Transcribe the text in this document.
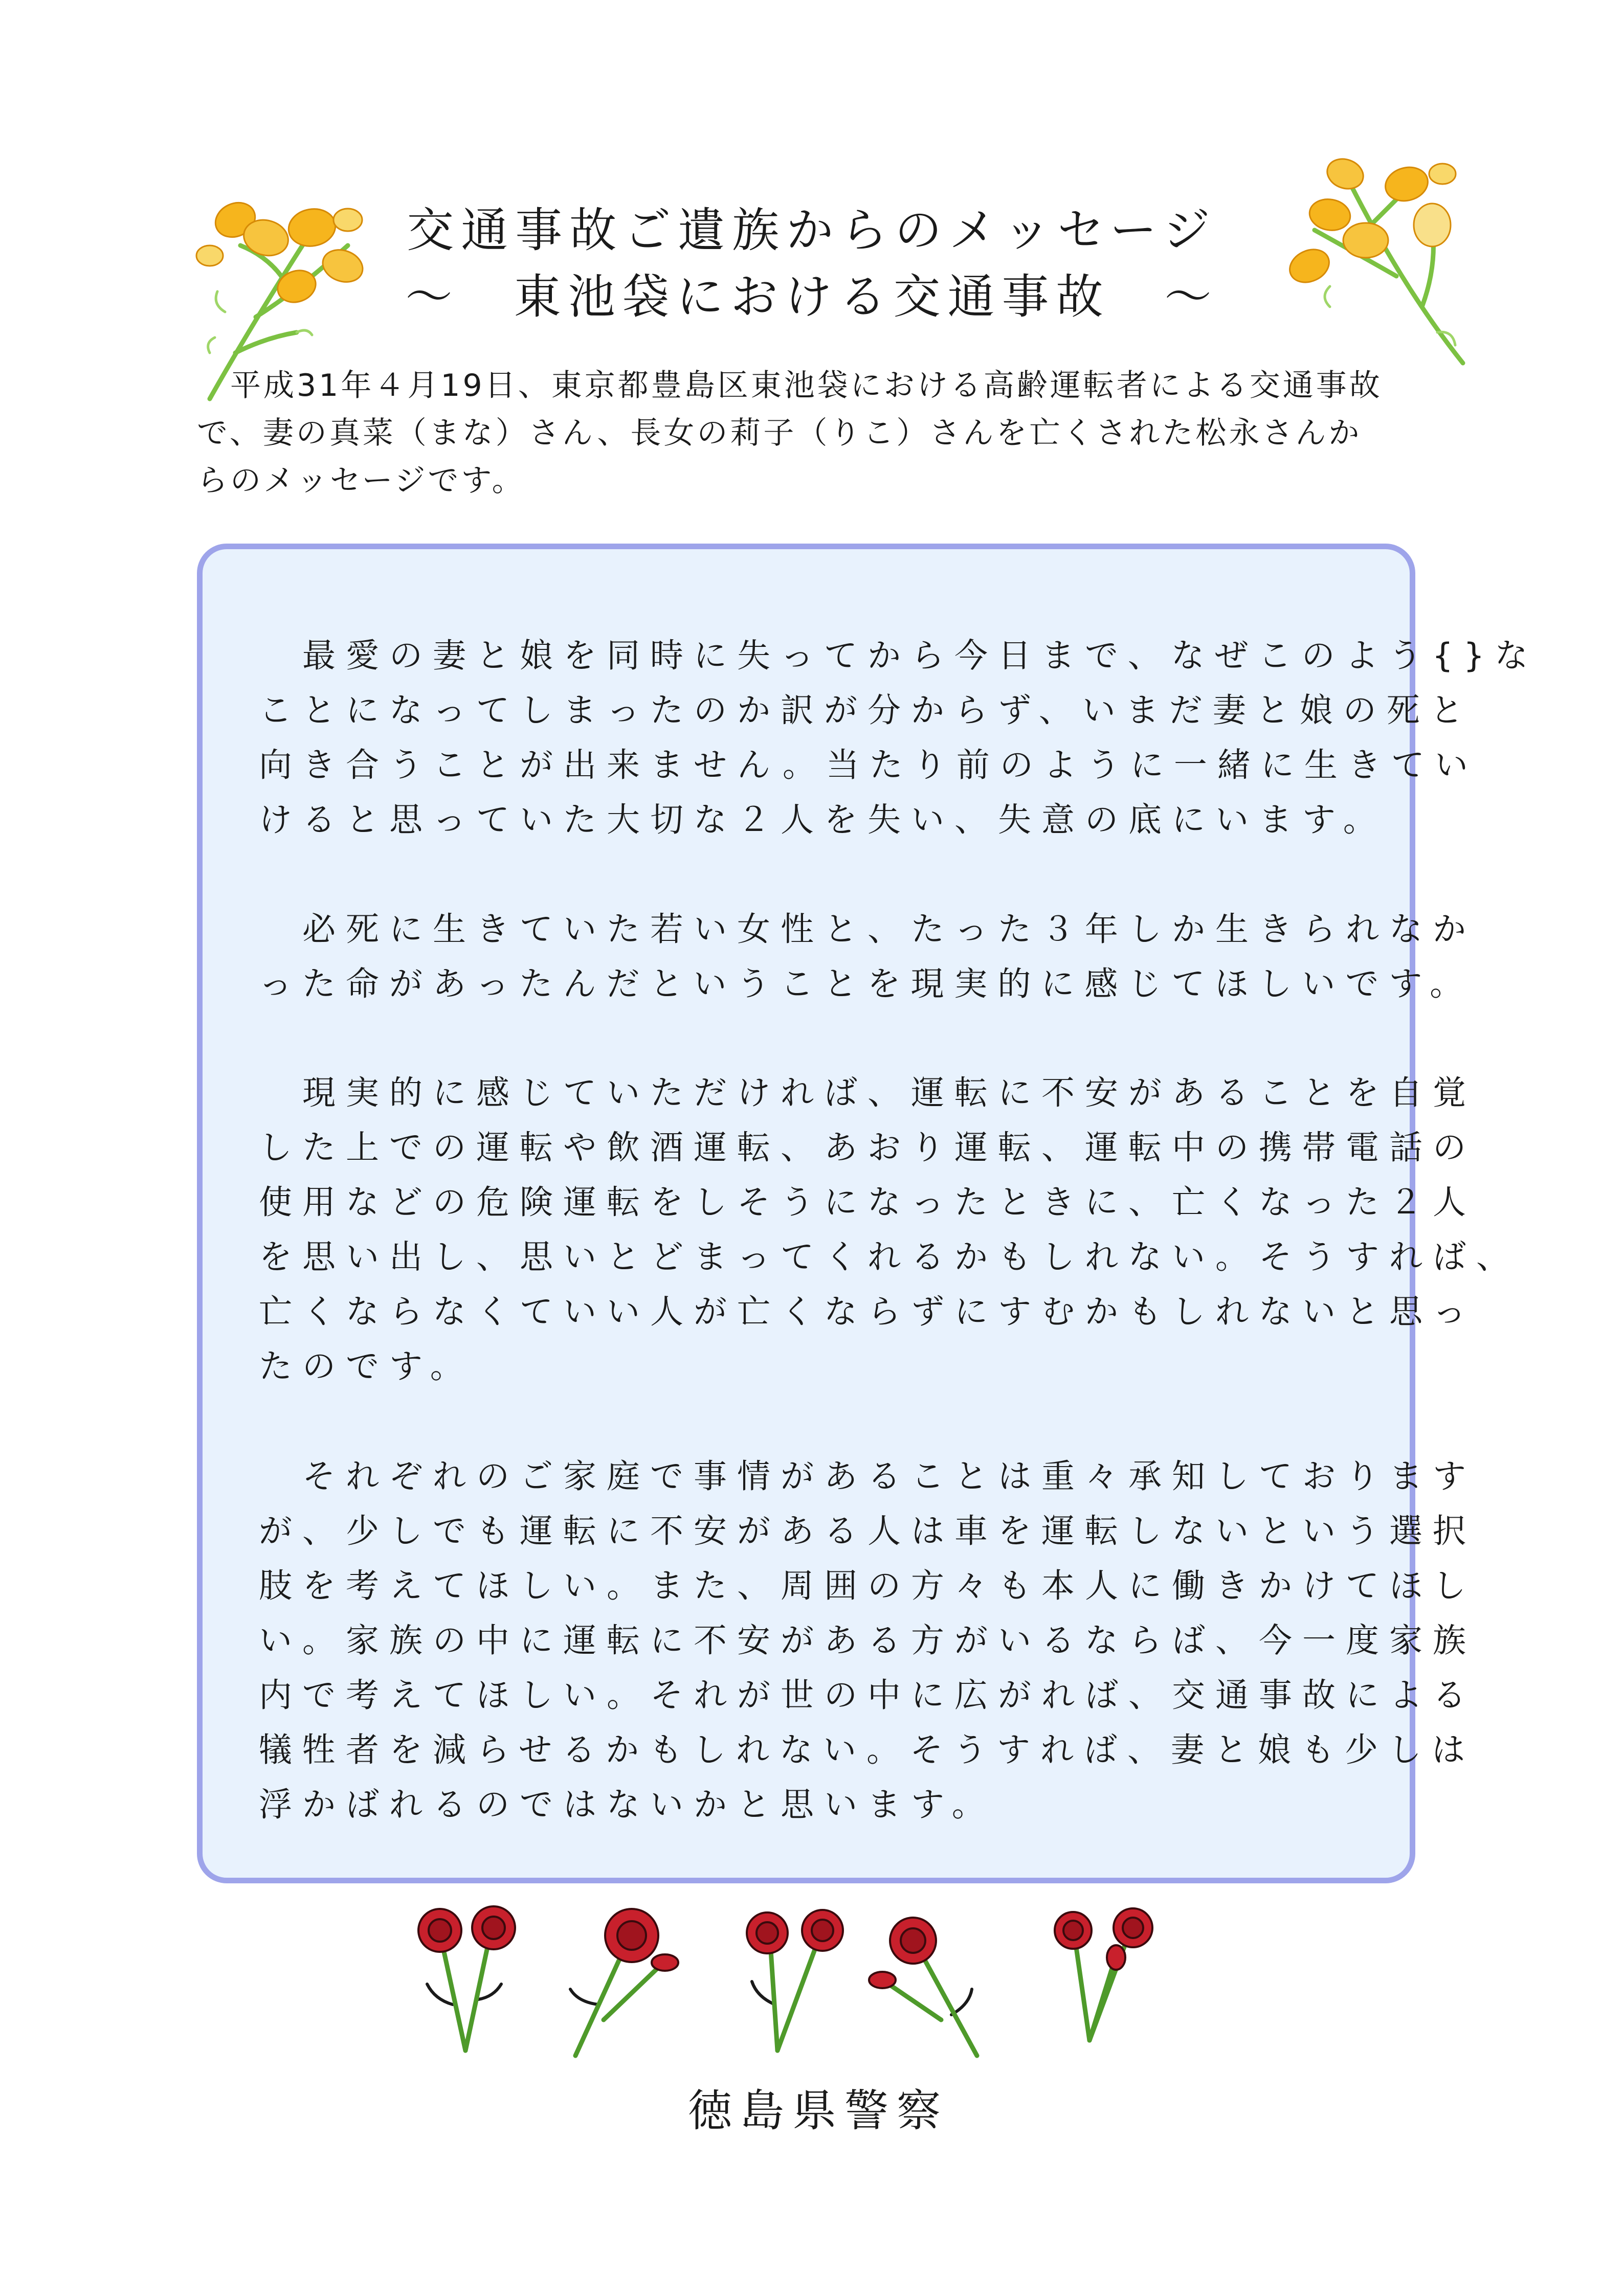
交通事故ご遺族からのメッセージ
～　東池袋における交通事故　～

　平成31年４月19日、東京都豊島区東池袋における高齢運転者による交通事故

で、妻の真菜（まな）さん、長女の莉子（りこ）さんを亡くされた松永さんか

らのメッセージです。

　最愛の妻と娘を同時に失ってから今日まで、なぜこのよう{}な
ことになってしまったのか訳が分からず、いまだ妻と娘の死と
向き合うことが出来ません。当たり前のように一緒に生きてい
けると思っていた大切な２人を失い、失意の底にいます。
　必死に生きていた若い女性と、たった３年しか生きられなか
った命があったんだということを現実的に感じてほしいです。
　現実的に感じていただければ、運転に不安があることを自覚
した上での運転や飲酒運転、あおり運転、運転中の携帯電話の
使用などの危険運転をしそうになったときに、亡くなった２人
を思い出し、思いとどまってくれるかもしれない。そうすれば、
亡くならなくていい人が亡くならずにすむかもしれないと思っ
たのです。
　それぞれのご家庭で事情があることは重々承知しております
が、少しでも運転に不安がある人は車を運転しないという選択
肢を考えてほしい。また、周囲の方々も本人に働きかけてほし
い。家族の中に運転に不安がある方がいるならば、今一度家族
内で考えてほしい。それが世の中に広がれば、交通事故による
犠牲者を減らせるかもしれない。そうすれば、妻と娘も少しは
浮かばれるのではないかと思います。
徳島県警察
